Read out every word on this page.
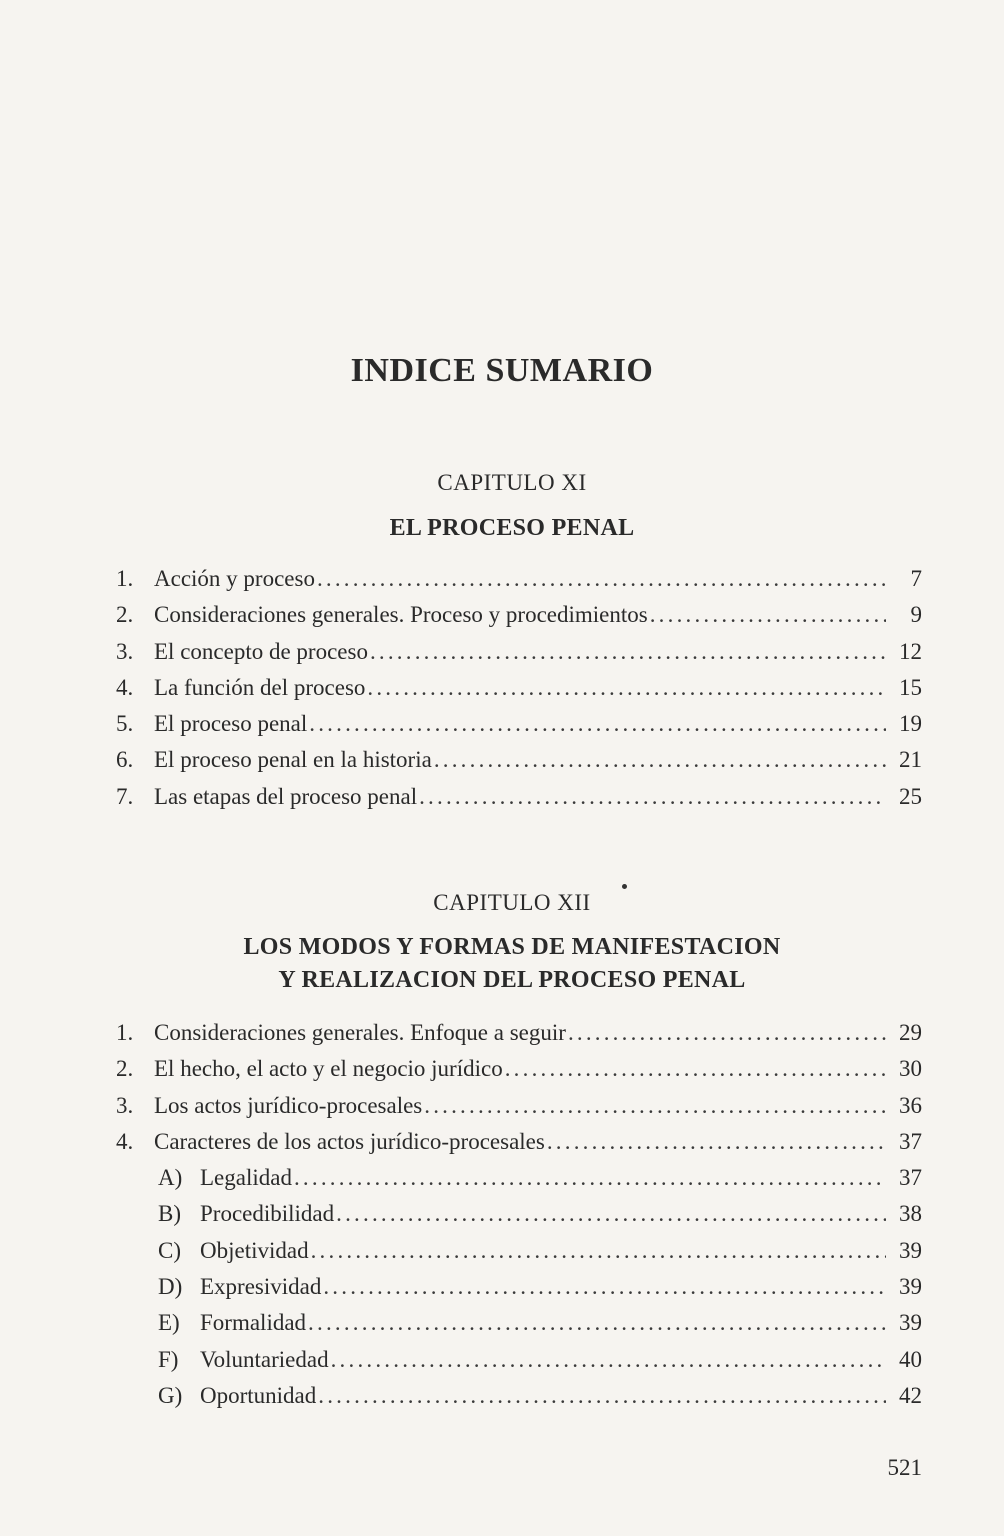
INDICE SUMARIO
CAPITULO XI
EL PROCESO PENAL
1. Acción y proceso .....	7
2. Consideraciones generales. Proceso y procedimientos .....	9
3. El concepto de proceso .....	12
4. La función del proceso .....	15
5. El proceso penal .....	19
6. El proceso penal en la historia .....	21
7. Las etapas del proceso penal .....	25
CAPITULO XII
LOS MODOS Y FORMAS DE MANIFESTACION
Y REALIZACION DEL PROCESO PENAL
1. Consideraciones generales. Enfoque a seguir .....	29
2. El hecho, el acto y el negocio jurídico .....	30
3. Los actos jurídico-procesales .....	36
4. Caracteres de los actos jurídico-procesales .....	37
A) Legalidad .....	37
B) Procedibilidad .....	38
C) Objetividad .....	39
D) Expresividad .....	39
E) Formalidad .....	39
F) Voluntariedad .....	40
G) Oportunidad .....	42
521
